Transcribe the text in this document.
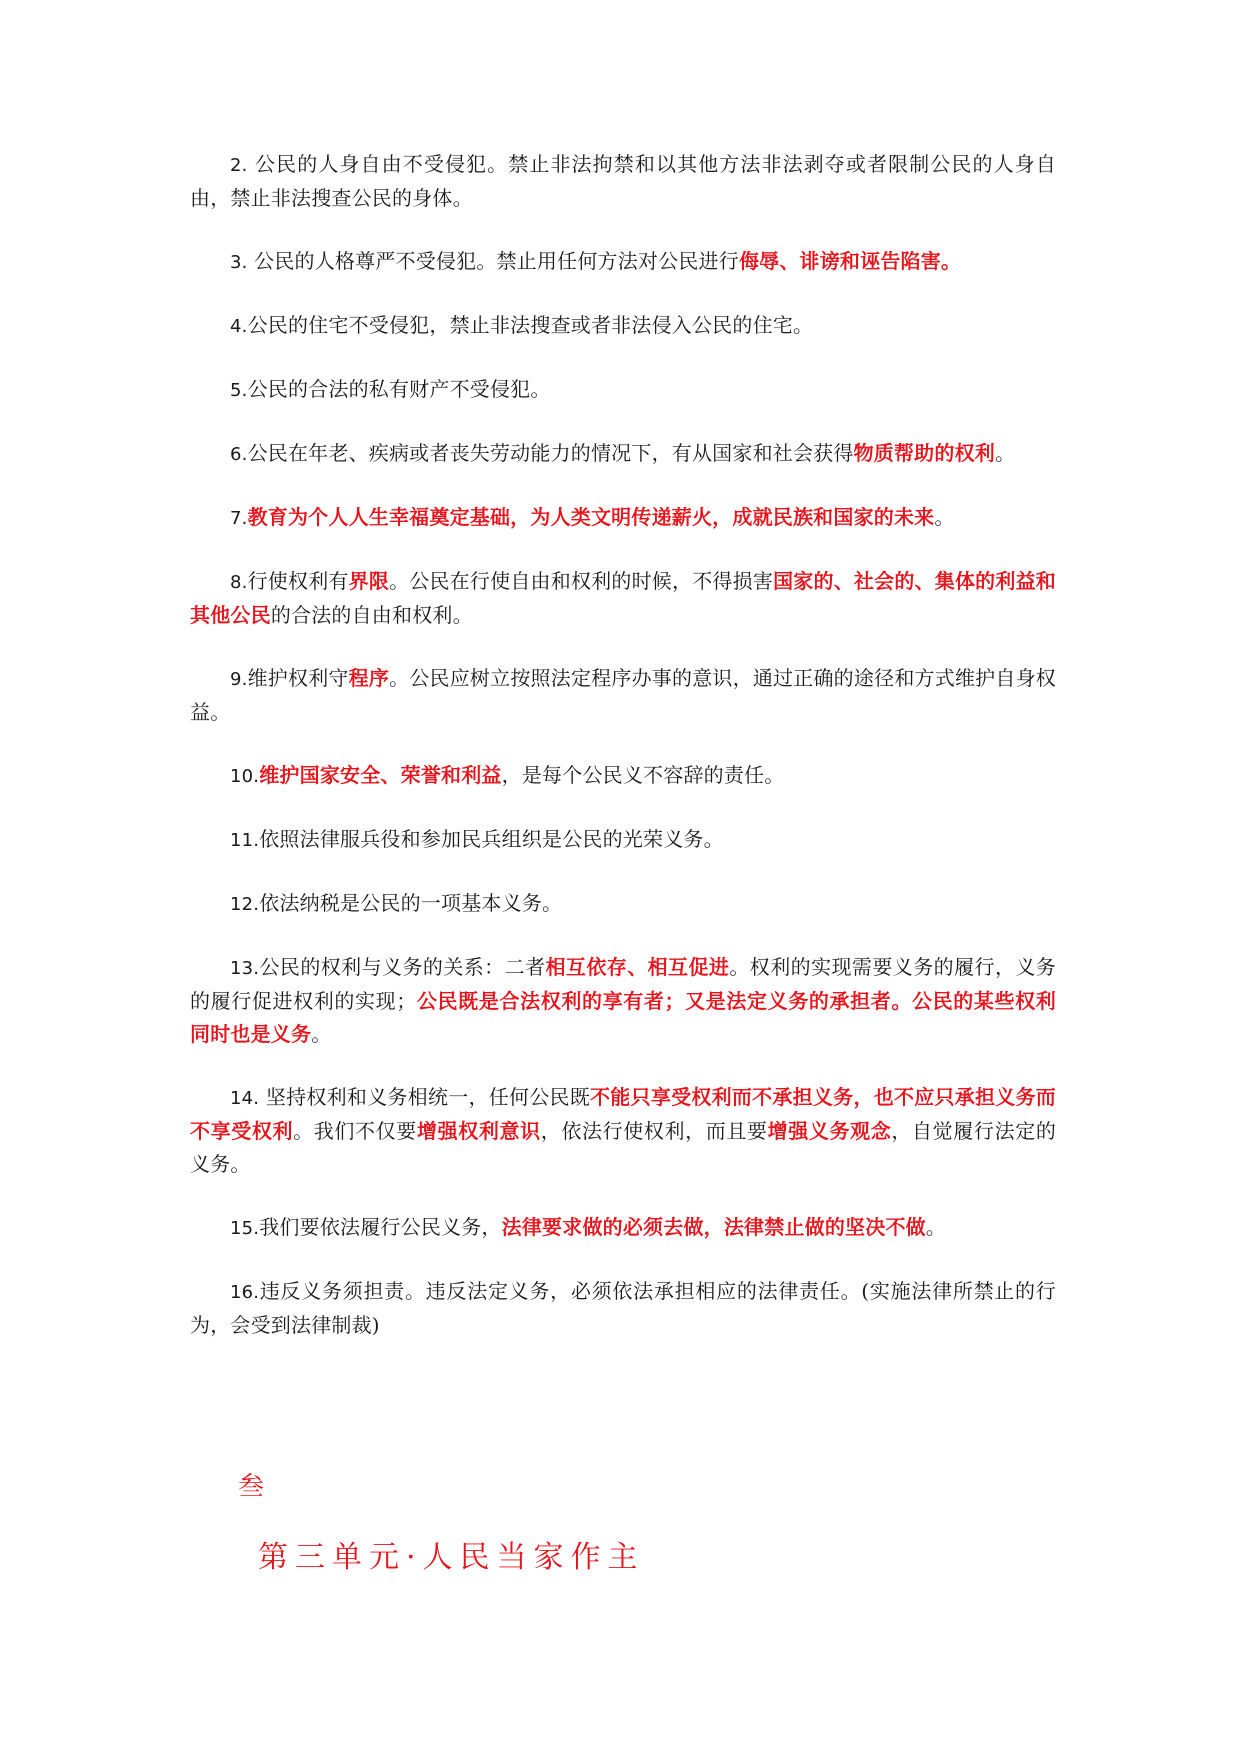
2. 公民的人身自由不受侵犯。禁止非法拘禁和以其他方法非法剥夺或者限制公民的人身自由，禁止非法搜查公民的身体。

3. 公民的人格尊严不受侵犯。禁止用任何方法对公民进行侮辱、诽谤和诬告陷害。

4.公民的住宅不受侵犯，禁止非法搜查或者非法侵入公民的住宅。

5.公民的合法的私有财产不受侵犯。

6.公民在年老、疾病或者丧失劳动能力的情况下，有从国家和社会获得物质帮助的权利。

7.教育为个人人生幸福奠定基础，为人类文明传递薪火，成就民族和国家的未来。

8.行使权利有界限。公民在行使自由和权利的时候，不得损害国家的、社会的、集体的利益和其他公民的合法的自由和权利。

9.维护权利守程序。公民应树立按照法定程序办事的意识，通过正确的途径和方式维护自身权益。

10.维护国家安全、荣誉和利益，是每个公民义不容辞的责任。

11.依照法律服兵役和参加民兵组织是公民的光荣义务。

12.依法纳税是公民的一项基本义务。

13.公民的权利与义务的关系：二者相互依存、相互促进。权利的实现需要义务的履行，义务的履行促进权利的实现；公民既是合法权利的享有者；又是法定义务的承担者。公民的某些权利同时也是义务。

14. 坚持权利和义务相统一，任何公民既不能只享受权利而不承担义务，也不应只承担义务而不享受权利。我们不仅要增强权利意识，依法行使权利，而且要增强义务观念，自觉履行法定的义务。

15.我们要依法履行公民义务，法律要求做的必须去做，法律禁止做的坚决不做。

16.违反义务须担责。违反法定义务，必须依法承担相应的法律责任。(实施法律所禁止的行为，会受到法律制裁)

叁
第三单元·人民当家作主
